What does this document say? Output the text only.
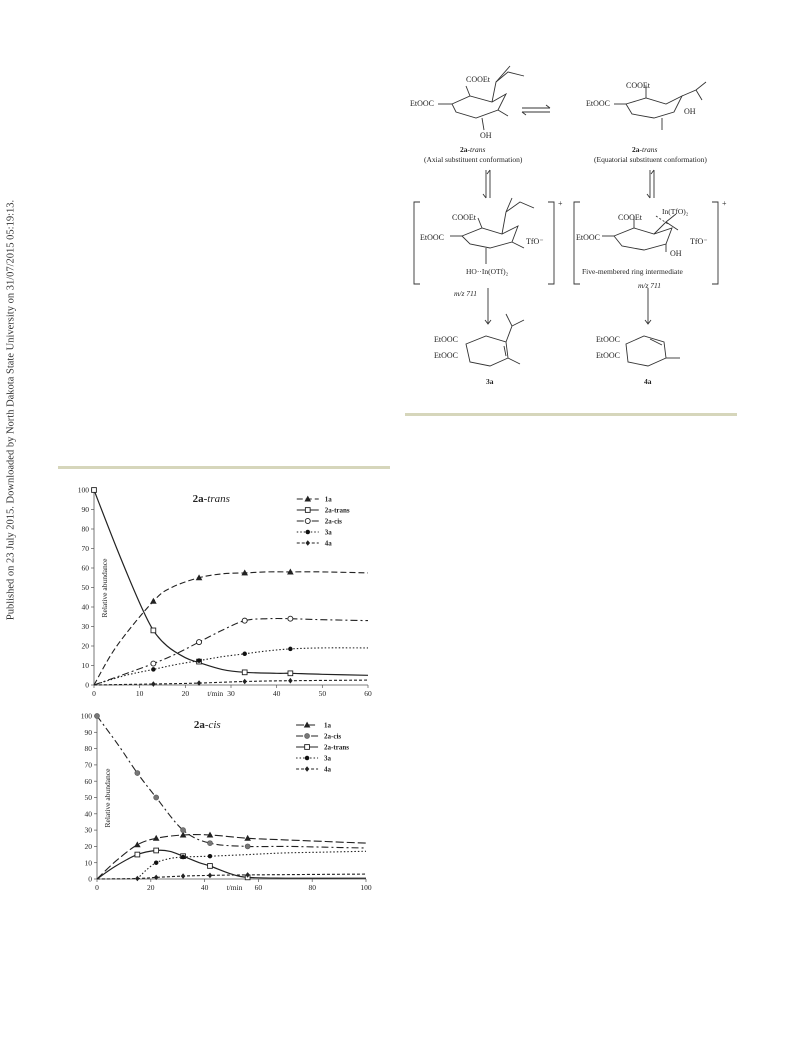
Published on 23 July 2015. Downloaded by North Dakota State University on 31/07/2015 05:19:13.
COOEt
EtOOC
OH
COOEt
EtOOC
OH
2a-trans
(Axial substituent conformation)
2a-trans
(Equatorial substituent conformation)
COOEt
EtOOC
HO··In(OTf)₂
TfO⁻
+
m/z 711
COOEt
EtOOC
In(TfO)₂
OH
TfO⁻
+
Five-membered ring intermediate
m/z 711
EtOOC
EtOOC
3a
EtOOC
EtOOC
4a
0
10
20
30
40
50
60
70
80
90
100
0	10	20	30	40	50	60
t/min
Relative abundance
2a-trans	1a
2a-trans
2a-cis
3a
4a
0
10
20
30
40
50
60
70
80
90
100
0	20	40	60	80	100
t/min
Relative abundance
2a-cis	1a
2a-cis
2a-trans
3a
4a
